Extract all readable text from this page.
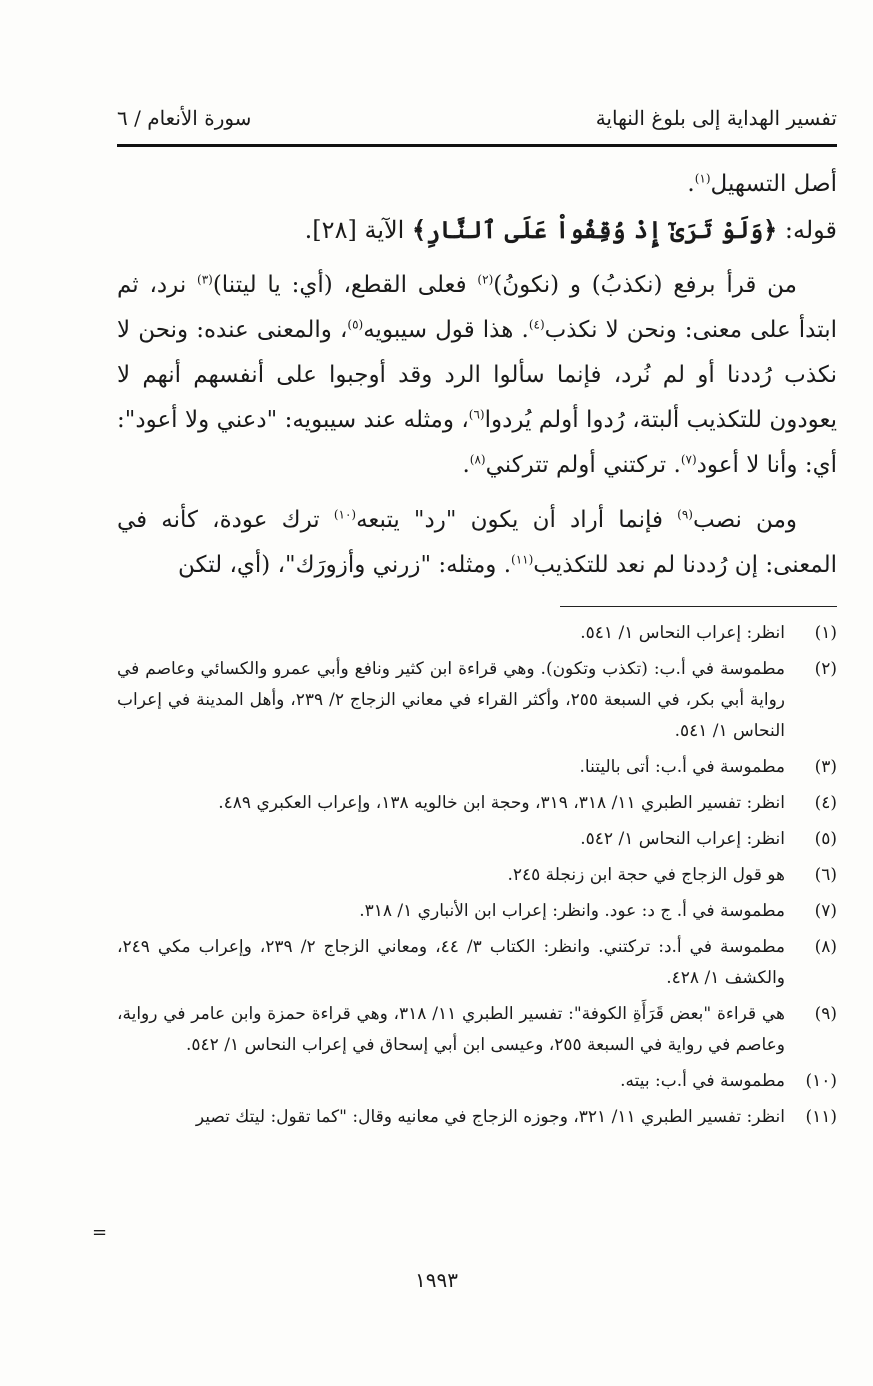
تفسير الهداية إلى بلوغ النهاية
سورة الأنعام / ٦

أصل التسهيل$^{(١)}$.

قوله: ﴿وَلَوْ تَرَىٰٓ إِذْ وُقِفُواْ عَلَى ٱلنَّارِ﴾ الآية [٢٨].

من قرأ برفع (نكذبُ) و (نكونُ)$^{(٢)}$ فعلى القطع، (أي: يا ليتنا)$^{(٣)}$ نرد، ثم ابتدأ على معنى: ونحن لا نكذب$^{(٤)}$. هذا قول سيبويه$^{(٥)}$، والمعنى عنده: ونحن لا نكذب رُددنا أو لم نُرد، فإنما سألوا الرد وقد أوجبوا على أنفسهم أنهم لا يعودون للتكذيب ألبتة، رُدوا أولم يُردوا$^{(٦)}$، ومثله عند سيبويه: "دعني ولا أعود": أي: وأنا لا أعود$^{(٧)}$. تركتني أولم تتركني$^{(٨)}$.

ومن نصب$^{(٩)}$ فإنما أراد أن يكون "رد" يتبعه$^{(١٠)}$ ترك عودة، كأنه في المعنى: إن رُددنا لم نعد للتكذيب$^{(١١)}$. ومثله: "زرني وأزورَك"، (أي، لتكن

(١)
انظر: إعراب النحاس ١/ ٥٤١.
(٢)
مطموسة في أ.ب: (تكذب وتكون). وهي قراءة ابن كثير ونافع وأبي عمرو والكسائي وعاصم في رواية أبي بكر، في السبعة ٢٥٥، وأكثر القراء في معاني الزجاج ٢/ ٢٣٩، وأهل المدينة في إعراب النحاس ١/ ٥٤١.
(٣)
مطموسة في أ.ب: أتى باليتنا.
(٤)
انظر: تفسير الطبري ١١/ ٣١٨، ٣١٩، وحجة ابن خالويه ١٣٨، وإعراب العكبري ٤٨٩.
(٥)
انظر: إعراب النحاس ١/ ٥٤٢.
(٦)
هو قول الزجاج في حجة ابن زنجلة ٢٤٥.
(٧)
مطموسة في أ. ج د: عود. وانظر: إعراب ابن الأنباري ١/ ٣١٨.
(٨)
مطموسة في أ.د: تركتني. وانظر: الكتاب ٣/ ٤٤، ومعاني الزجاج ٢/ ٢٣٩، وإعراب مكي ٢٤٩، والكشف ١/ ٤٢٨.
(٩)
هي قراءة "بعض قَرَأَةِ الكوفة": تفسير الطبري ١١/ ٣١٨، وهي قراءة حمزة وابن عامر في رواية، وعاصم في رواية في السبعة ٢٥٥، وعيسى ابن أبي إسحاق في إعراب النحاس ١/ ٥٤٢.
(١٠)
مطموسة في أ.ب: بيته.
(١١)
انظر: تفسير الطبري ١١/ ٣٢١، وجوزه الزجاج في معانيه وقال: "كما تقول: ليتك تصير
=
١٩٩٣
